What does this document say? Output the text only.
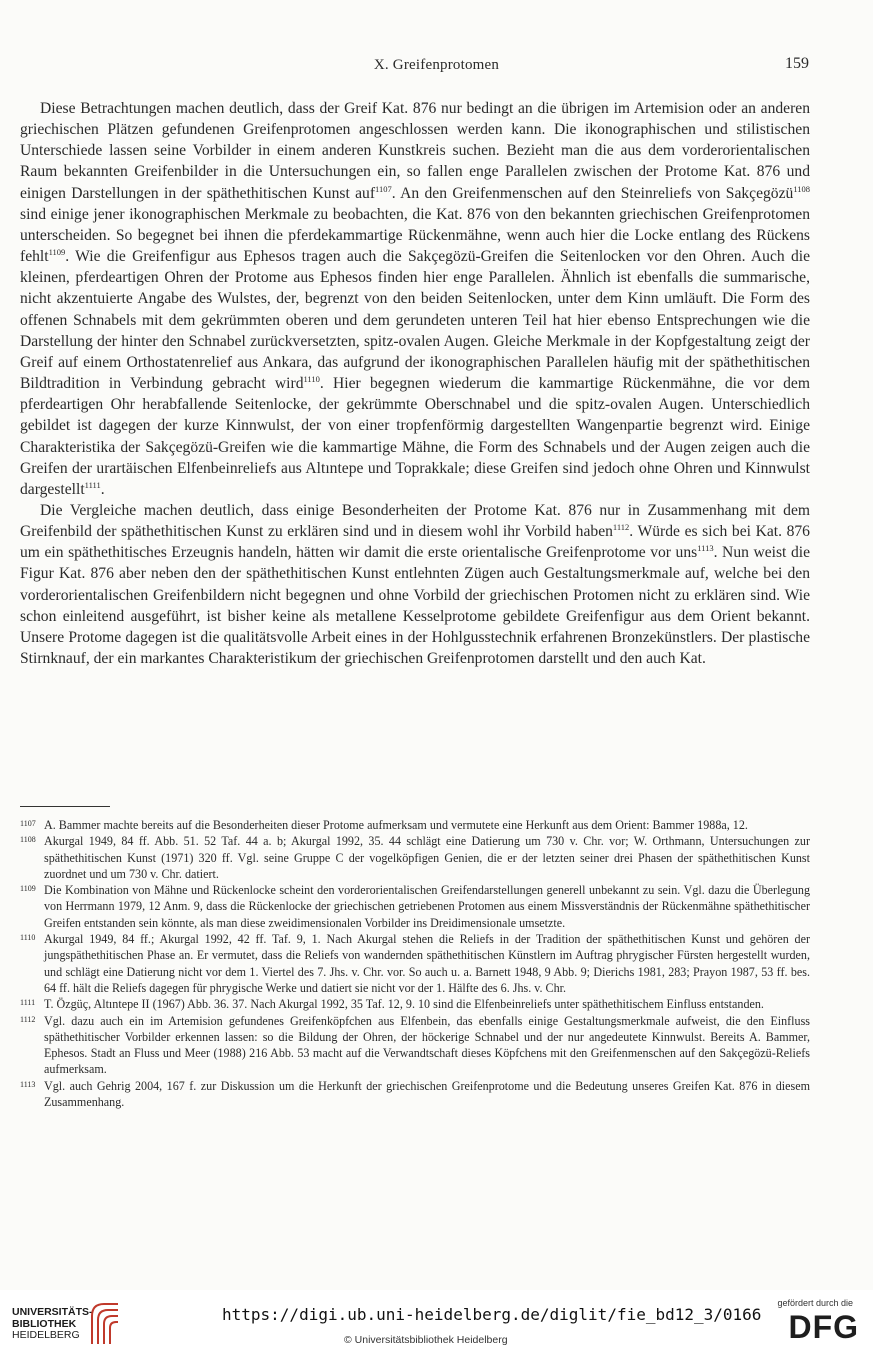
X. Greifenprotomen	159

Diese Betrachtungen machen deutlich, dass der Greif Kat. 876 nur bedingt an die übrigen im Artemision oder an anderen griechischen Plätzen gefundenen Greifenprotomen angeschlossen werden kann. Die ikonographischen und stilistischen Unterschiede lassen seine Vorbilder in einem anderen Kunstkreis suchen. Bezieht man die aus dem vorderorientalischen Raum bekannten Greifenbilder in die Untersuchungen ein, so fallen enge Parallelen zwischen der Protome Kat. 876 und einigen Darstellungen in der späthethitischen Kunst auf$^{1107}$. An den Greifenmenschen auf den Steinreliefs von Sakçegözü$^{1108}$ sind einige jener ikonographischen Merkmale zu beobachten, die Kat. 876 von den bekannten griechischen Greifenprotomen unterscheiden. So begegnet bei ihnen die pferdekammartige Rückenmähne, wenn auch hier die Locke entlang des Rückens fehlt$^{1109}$. Wie die Greifenfigur aus Ephesos tragen auch die Sakçegözü-Greifen die Seitenlocken vor den Ohren. Auch die kleinen, pferdeartigen Ohren der Protome aus Ephesos finden hier enge Parallelen. Ähnlich ist ebenfalls die summarische, nicht akzentuierte Angabe des Wulstes, der, begrenzt von den beiden Seitenlocken, unter dem Kinn umläuft. Die Form des offenen Schnabels mit dem gekrümmten oberen und dem gerundeten unteren Teil hat hier ebenso Entsprechungen wie die Darstellung der hinter den Schnabel zurückversetzten, spitz-ovalen Augen. Gleiche Merkmale in der Kopfgestaltung zeigt der Greif auf einem Orthostatenrelief aus Ankara, das aufgrund der ikonographischen Parallelen häufig mit der späthethitischen Bildtradition in Verbindung gebracht wird$^{1110}$. Hier begegnen wiederum die kammartige Rückenmähne, die vor dem pferdeartigen Ohr herabfallende Seitenlocke, der gekrümmte Oberschnabel und die spitz-ovalen Augen. Unterschiedlich gebildet ist dagegen der kurze Kinnwulst, der von einer tropfenförmig dargestellten Wangenpartie begrenzt wird. Einige Charakteristika der Sakçegözü-Greifen wie die kammartige Mähne, die Form des Schnabels und der Augen zeigen auch die Greifen der urartäischen Elfenbeinreliefs aus Altıntepe und Toprakkale; diese Greifen sind jedoch ohne Ohren und Kinnwulst dargestellt$^{1111}$.

Die Vergleiche machen deutlich, dass einige Besonderheiten der Protome Kat. 876 nur in Zusammenhang mit dem Greifenbild der späthethitischen Kunst zu erklären sind und in diesem wohl ihr Vorbild haben$^{1112}$. Würde es sich bei Kat. 876 um ein späthethitisches Erzeugnis handeln, hätten wir damit die erste orientalische Greifenprotome vor uns$^{1113}$. Nun weist die Figur Kat. 876 aber neben den der späthethitischen Kunst entlehnten Zügen auch Gestaltungsmerkmale auf, welche bei den vorderorientalischen Greifenbildern nicht begegnen und ohne Vorbild der griechischen Protomen nicht zu erklären sind. Wie schon einleitend ausgeführt, ist bisher keine als metallene Kesselprotome gebildete Greifenfigur aus dem Orient bekannt. Unsere Protome dagegen ist die qualitätsvolle Arbeit eines in der Hohlgusstechnik erfahrenen Bronzekünstlers. Der plastische Stirnknauf, der ein markantes Charakteristikum der griechischen Greifenprotomen darstellt und den auch Kat.

1107 A. Bammer machte bereits auf die Besonderheiten dieser Protome aufmerksam und vermutete eine Herkunft aus dem Orient: Bammer 1988a, 12.
1108 Akurgal 1949, 84 ff. Abb. 51. 52 Taf. 44 a. b; Akurgal 1992, 35. 44 schlägt eine Datierung um 730 v. Chr. vor; W. Orthmann, Untersuchungen zur späthethitischen Kunst (1971) 320 ff. Vgl. seine Gruppe C der vogelköpfigen Genien, die er der letzten seiner drei Phasen der späthethitischen Kunst zuordnet und um 730 v. Chr. datiert.
1109 Die Kombination von Mähne und Rückenlocke scheint den vorderorientalischen Greifendarstellungen generell unbekannt zu sein. Vgl. dazu die Überlegung von Herrmann 1979, 12 Anm. 9, dass die Rückenlocke der griechischen getriebenen Protomen aus einem Missverständnis der Rückenmähne späthethitischer Greifen entstanden sein könnte, als man diese zweidimensionalen Vorbilder ins Dreidimensionale umsetzte.
1110 Akurgal 1949, 84 ff.; Akurgal 1992, 42 ff. Taf. 9, 1. Nach Akurgal stehen die Reliefs in der Tradition der späthethitischen Kunst und gehören der jungspäthethitischen Phase an. Er vermutet, dass die Reliefs von wandernden späthethitischen Künstlern im Auftrag phrygischer Fürsten hergestellt wurden, und schlägt eine Datierung nicht vor dem 1. Viertel des 7. Jhs. v. Chr. vor. So auch u. a. Barnett 1948, 9 Abb. 9; Dierichs 1981, 283; Prayon 1987, 53 ff. bes. 64 ff. hält die Reliefs dagegen für phrygische Werke und datiert sie nicht vor der 1. Hälfte des 6. Jhs. v. Chr.
1111 T. Özgüç, Altıntepe II (1967) Abb. 36. 37. Nach Akurgal 1992, 35 Taf. 12, 9. 10 sind die Elfenbeinreliefs unter späthethitischem Einfluss entstanden.
1112 Vgl. dazu auch ein im Artemision gefundenes Greifenköpfchen aus Elfenbein, das ebenfalls einige Gestaltungsmerkmale aufweist, die den Einfluss späthethitischer Vorbilder erkennen lassen: so die Bildung der Ohren, der höckerige Schnabel und der nur angedeutete Kinnwulst. Bereits A. Bammer, Ephesos. Stadt an Fluss und Meer (1988) 216 Abb. 53 macht auf die Verwandtschaft dieses Köpfchens mit den Greifenmenschen auf den Sakçegözü-Reliefs aufmerksam.
1113 Vgl. auch Gehrig 2004, 167 f. zur Diskussion um die Herkunft der griechischen Greifenprotome und die Bedeutung unseres Greifen Kat. 876 in diesem Zusammenhang.
UNIVERSITÄTS-
BIBLIOTHEK
HEIDELBERG
https://digi.ub.uni-heidelberg.de/diglit/fie_bd12_3/0166
© Universitätsbibliothek Heidelberg
gefördert durch die
DFG
